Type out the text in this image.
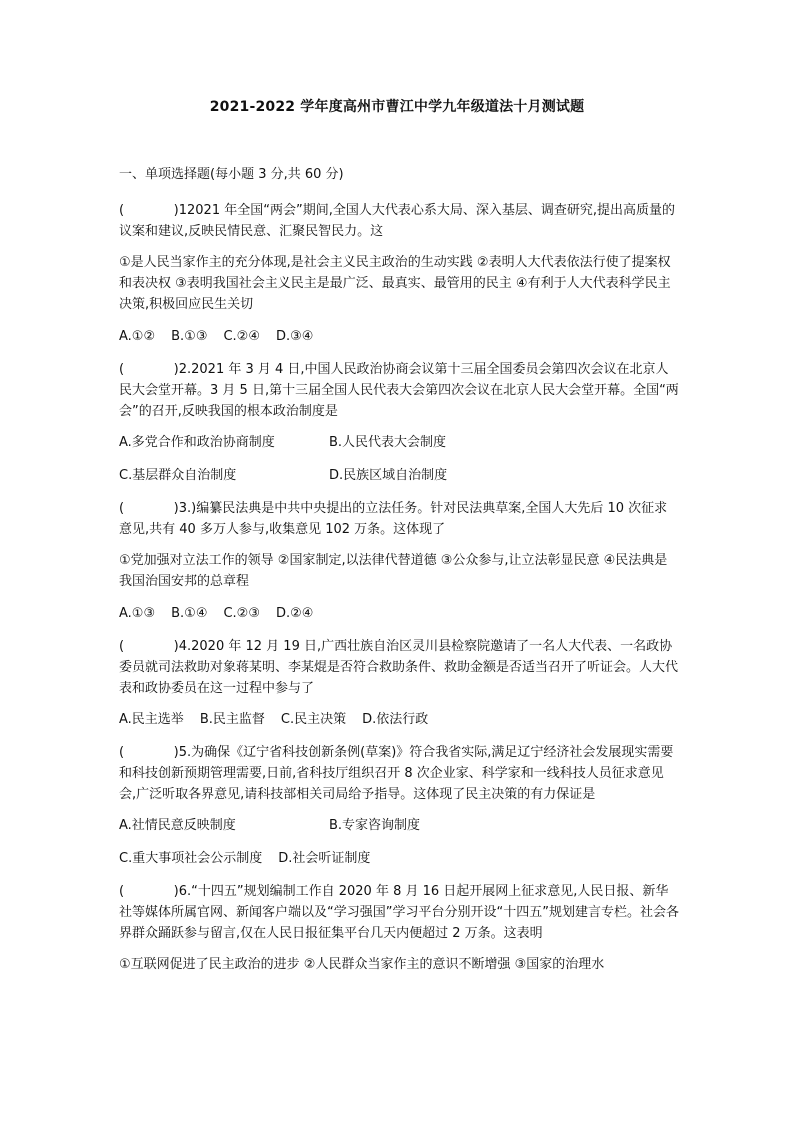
2021-2022 学年度高州市曹江中学九年级道法十月测试题
一、单项选择题(每小题 3 分,共 60 分)
(            )12021 年全国“两会”期间,全国人大代表心系大局、深入基层、调查研究,提出高质量的议案和建议,反映民情民意、汇聚民智民力。这
①是人民当家作主的充分体现,是社会主义民主政治的生动实践 ②表明人大代表依法行使了提案权和表决权 ③表明我国社会主义民主是最广泛、最真实、最管用的民主 ④有利于人大代表科学民主决策,积极回应民生关切
A.①② B.①③ C.②④ D.③④
(            )2.2021 年 3 月 4 日,中国人民政治协商会议第十三届全国委员会第四次会议在北京人民大会堂开幕。3 月 5 日,第十三届全国人民代表大会第四次会议在北京人民大会堂开幕。全国“两会”的召开,反映我国的根本政治制度是
A.多党合作和政治协商制度	B.人民代表大会制度
C.基层群众自治制度	D.民族区域自治制度
(            )3.)编纂民法典是中共中央提出的立法任务。针对民法典草案,全国人大先后 10 次征求意见,共有 40 多万人参与,收集意见 102 万条。这体现了
①党加强对立法工作的领导 ②国家制定,以法律代替道德 ③公众参与,让立法彰显民意 ④民法典是我国治国安邦的总章程
A.①③ B.①④ C.②③ D.②④
(            )4.2020 年 12 月 19 日,广西壮族自治区灵川县检察院邀请了一名人大代表、一名政协委员就司法救助对象蒋某明、李某焜是否符合救助条件、救助金额是否适当召开了听证会。人大代表和政协委员在这一过程中参与了
A.民主选举 B.民主监督 C.民主决策 D.依法行政
(            )5.为确保《辽宁省科技创新条例(草案)》符合我省实际,满足辽宁经济社会发展现实需要和科技创新预期管理需要,日前,省科技厅组织召开 8 次企业家、科学家和一线科技人员征求意见会,广泛听取各界意见,请科技部相关司局给予指导。这体现了民主决策的有力保证是
A.社情民意反映制度	B.专家咨询制度
C.重大事项社会公示制度 D.社会听证制度
(            )6.“十四五”规划编制工作自 2020 年 8 月 16 日起开展网上征求意见,人民日报、新华社等媒体所属官网、新闻客户端以及“学习强国”学习平台分别开设“十四五”规划建言专栏。社会各界群众踊跃参与留言,仅在人民日报征集平台几天内便超过 2 万条。这表明
①互联网促进了民主政治的进步 ②人民群众当家作主的意识不断增强 ③国家的治理水
